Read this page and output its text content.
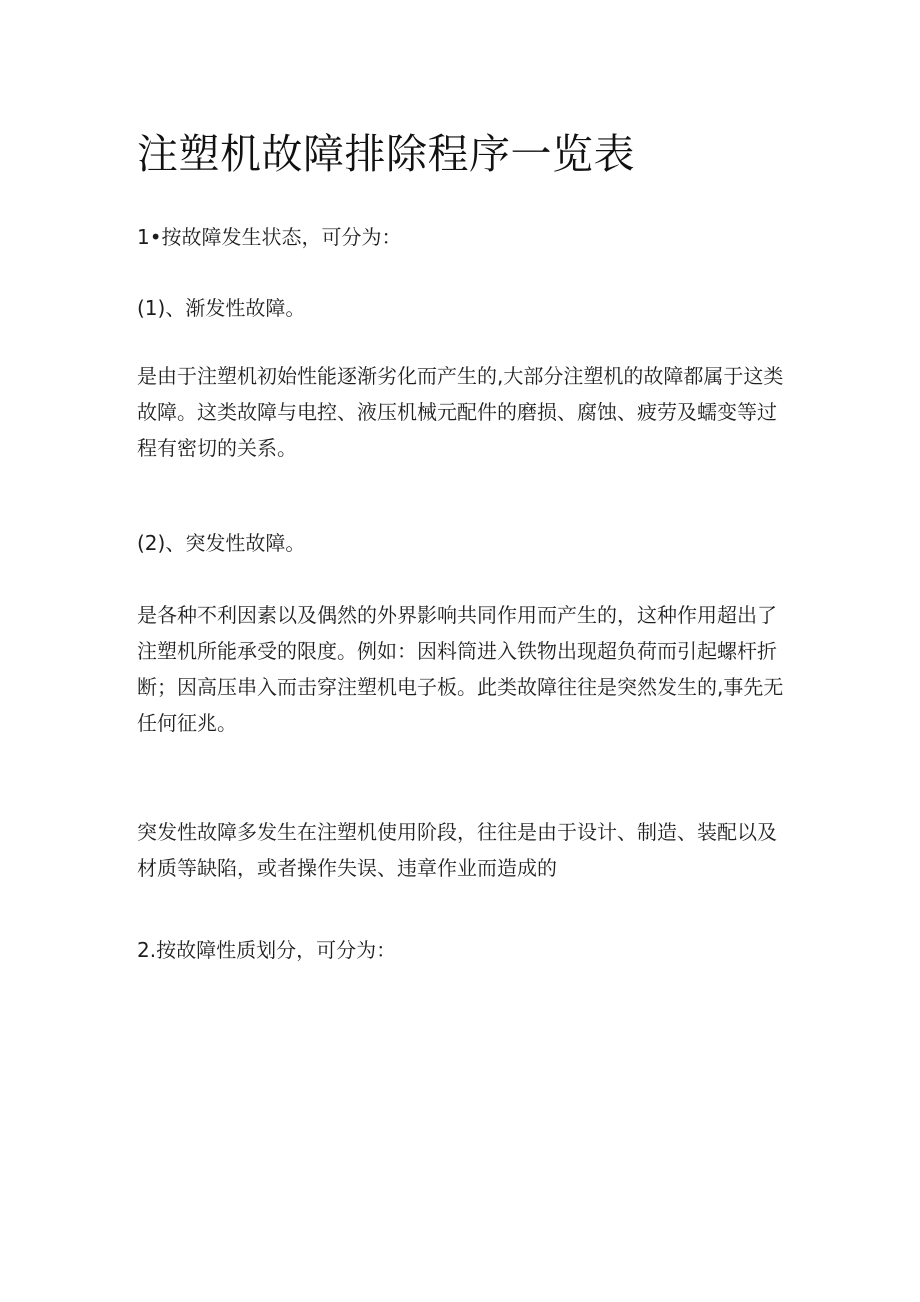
注塑机故障排除程序一览表

1•按故障发生状态，可分为：

(1)、渐发性故障。

是由于注塑机初始性能逐渐劣化而产生的,大部分注塑机的故障都属于这类故障。这类故障与电控、液压机械元配件的磨损、腐蚀、疲劳及蠕变等过程有密切的关系。

(2)、突发性故障。

是各种不利因素以及偶然的外界影响共同作用而产生的，这种作用超出了注塑机所能承受的限度。例如：因料筒进入铁物出现超负荷而引起螺杆折断；因高压串入而击穿注塑机电子板。此类故障往往是突然发生的,事先无任何征兆。

突发性故障多发生在注塑机使用阶段，往往是由于设计、制造、装配以及材质等缺陷，或者操作失误、违章作业而造成的

2.按故障性质划分，可分为：
